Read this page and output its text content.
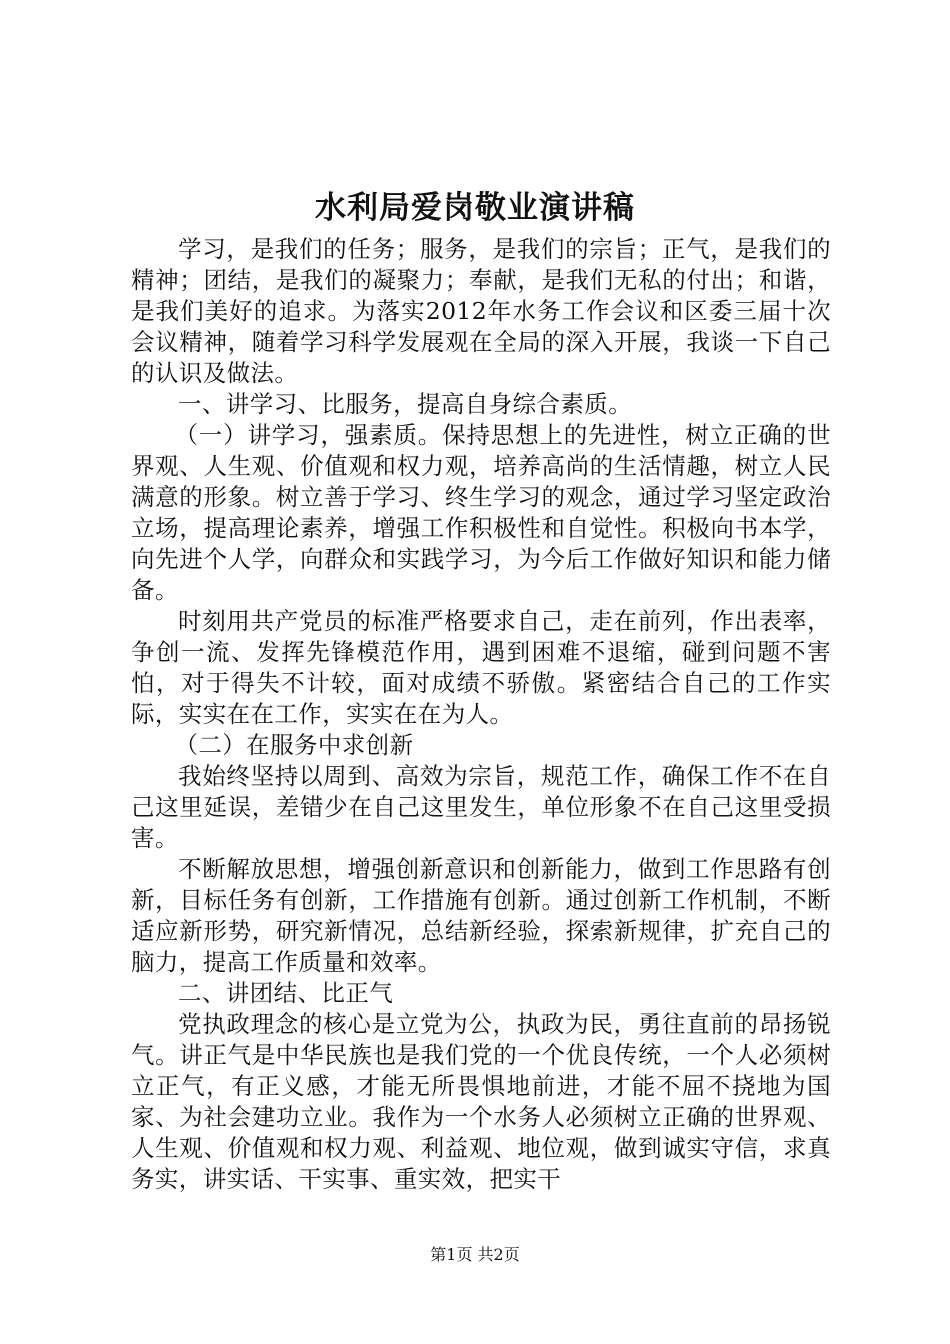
水利局爱岗敬业演讲稿

学习，是我们的任务；服务，是我们的宗旨；正气，是我们的精神；团结，是我们的凝聚力；奉献，是我们无私的付出；和谐，是我们美好的追求。为落实2012年水务工作会议和区委三届十次会议精神，随着学习科学发展观在全局的深入开展，我谈一下自己的认识及做法。

一、讲学习、比服务，提高自身综合素质。

（一）讲学习，强素质。保持思想上的先进性，树立正确的世界观、人生观、价值观和权力观，培养高尚的生活情趣，树立人民满意的形象。树立善于学习、终生学习的观念，通过学习坚定政治立场，提高理论素养，增强工作积极性和自觉性。积极向书本学，向先进个人学，向群众和实践学习，为今后工作做好知识和能力储备。

时刻用共产党员的标准严格要求自己，走在前列，作出表率，争创一流、发挥先锋模范作用，遇到困难不退缩，碰到问题不害怕，对于得失不计较，面对成绩不骄傲。紧密结合自己的工作实际，实实在在工作，实实在在为人。

（二）在服务中求创新

我始终坚持以周到、高效为宗旨，规范工作，确保工作不在自己这里延误，差错少在自己这里发生，单位形象不在自己这里受损害。

不断解放思想，增强创新意识和创新能力，做到工作思路有创新，目标任务有创新，工作措施有创新。通过创新工作机制，不断适应新形势，研究新情况，总结新经验，探索新规律，扩充自己的脑力，提高工作质量和效率。

二、讲团结、比正气

党执政理念的核心是立党为公，执政为民，勇往直前的昂扬锐气。讲正气是中华民族也是我们党的一个优良传统，一个人必须树立正气，有正义感，才能无所畏惧地前进，才能不屈不挠地为国家、为社会建功立业。我作为一个水务人必须树立正确的世界观、人生观、价值观和权力观、利益观、地位观，做到诚实守信，求真务实，讲实话、干实事、重实效，把实干

第1页 共2页
